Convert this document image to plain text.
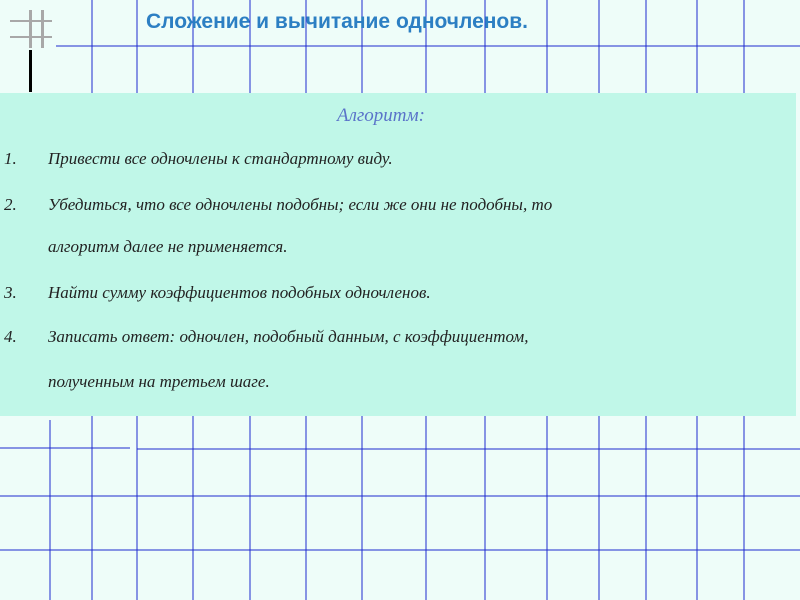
Сложение и вычитание одночленов.
Алгоритм:
1. Привести все одночлены к стандартному виду.
2. Убедиться, что все одночлены подобны; если же они не подобны, то
алгоритм далее не применяется.
3. Найти сумму коэффициентов подобных одночленов.
4. Записать ответ: одночлен, подобный данным, с коэффициентом,
полученным на третьем шаге.
